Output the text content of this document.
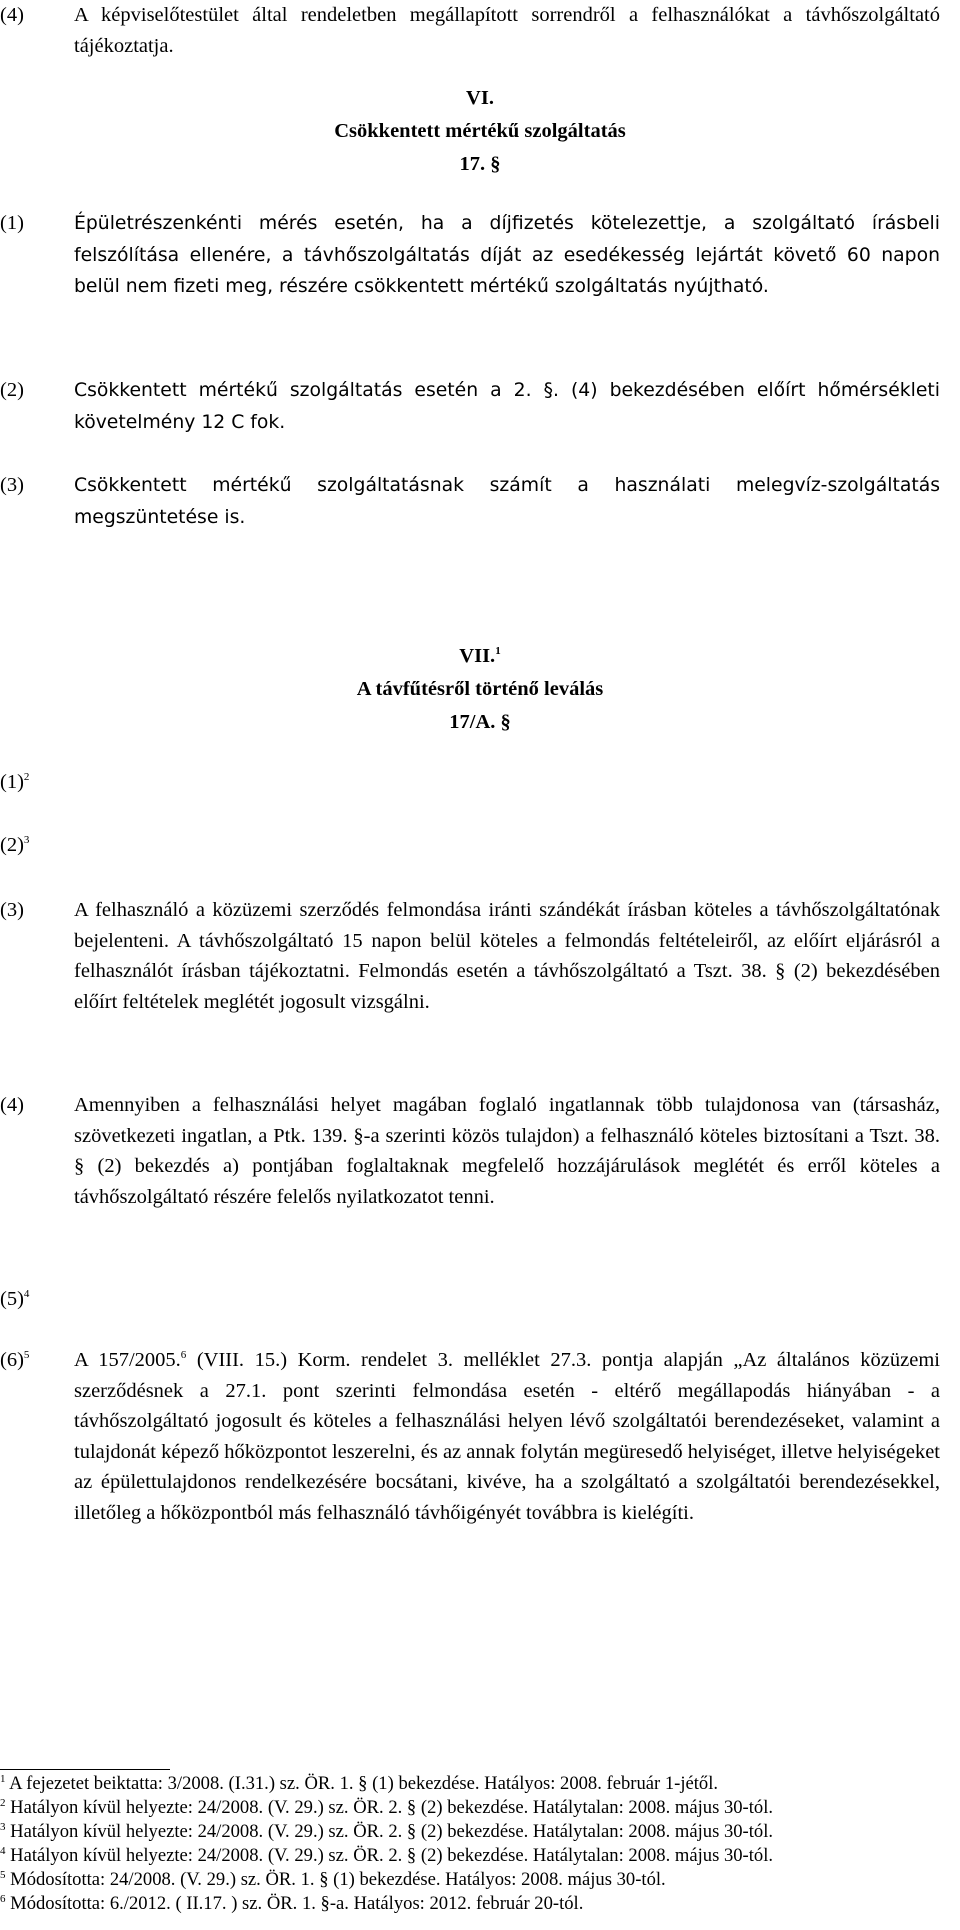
(4) A képviselőtestület által rendeletben megállapított sorrendről a felhasználókat a távhőszolgáltató tájékoztatja.
VI.
Csökkentett mértékű szolgáltatás
17. §
(1)	Épületrészenkénti mérés esetén, ha a díjfizetés kötelezettje, a szolgáltató írásbeli felszólítása ellenére, a távhőszolgáltatás díját az esedékesség lejártát követő 60 napon belül nem fizeti meg, részére csökkentett mértékű szolgáltatás nyújtható.
(2)	Csökkentett mértékű szolgáltatás esetén a 2. §. (4) bekezdésében előírt hőmérsékleti követelmény 12 C fok.
(3)	Csökkentett mértékű szolgáltatásnak számít a használati melegvíz-szolgáltatás megszüntetése is.
VII.$^1$
A távfűtésről történő leválás
17/A. §
$(1)^2$
$(2)^3$
(3) A felhasználó a közüzemi szerződés felmondása iránti szándékát írásban köteles a távhőszolgáltatónak bejelenteni. A távhőszolgáltató 15 napon belül köteles a felmondás feltételeiről, az előírt eljárásról a felhasználót írásban tájékoztatni. Felmondás esetén a távhőszolgáltató a Tszt. 38. § (2) bekezdésében előírt feltételek meglétét jogosult vizsgálni.
(4) Amennyiben a felhasználási helyet magában foglaló ingatlannak több tulajdonosa van (társasház, szövetkezeti ingatlan, a Ptk. 139. §-a szerinti közös tulajdon) a felhasználó köteles biztosítani a Tszt. 38. § (2) bekezdés a) pontjában foglaltaknak megfelelő hozzájárulások meglétét és erről köteles a távhőszolgáltató részére felelős nyilatkozatot tenni.
$(5)^4$
$(6)^5$ A 157/2005.$^6$ (VIII. 15.) Korm. rendelet 3. melléklet 27.3. pontja alapján „Az általános közüzemi szerződésnek a 27.1. pont szerinti felmondása esetén - eltérő megállapodás hiányában - a távhőszolgáltató jogosult és köteles a felhasználási helyen lévő szolgáltatói berendezéseket, valamint a tulajdonát képező hőközpontot leszerelni, és az annak folytán megüresedő helyiséget, illetve helyiségeket az épülettulajdonos rendelkezésére bocsátani, kivéve, ha a szolgáltató a szolgáltatói berendezésekkel, illetőleg a hőközpontból más felhasználó távhőigényét továbbra is kielégíti.
$^1$ A fejezetet beiktatta: 3/2008. (I.31.) sz. ÖR. 1. § (1) bekezdése. Hatályos: 2008. február 1-jétől.
$^2$ Hatályon kívül helyezte: 24/2008. (V. 29.) sz. ÖR. 2. § (2) bekezdése. Hatálytalan: 2008. május 30-tól.
$^3$ Hatályon kívül helyezte: 24/2008. (V. 29.) sz. ÖR. 2. § (2) bekezdése. Hatálytalan: 2008. május 30-tól.
$^4$ Hatályon kívül helyezte: 24/2008. (V. 29.) sz. ÖR. 2. § (2) bekezdése. Hatálytalan: 2008. május 30-tól.
$^5$ Módosította: 24/2008. (V. 29.) sz. ÖR. 1. § (1) bekezdése. Hatályos: 2008. május 30-tól.
$^6$ Módosította: 6./2012. ( II.17. ) sz. ÖR. 1. §-a. Hatályos: 2012. február 20-tól.
